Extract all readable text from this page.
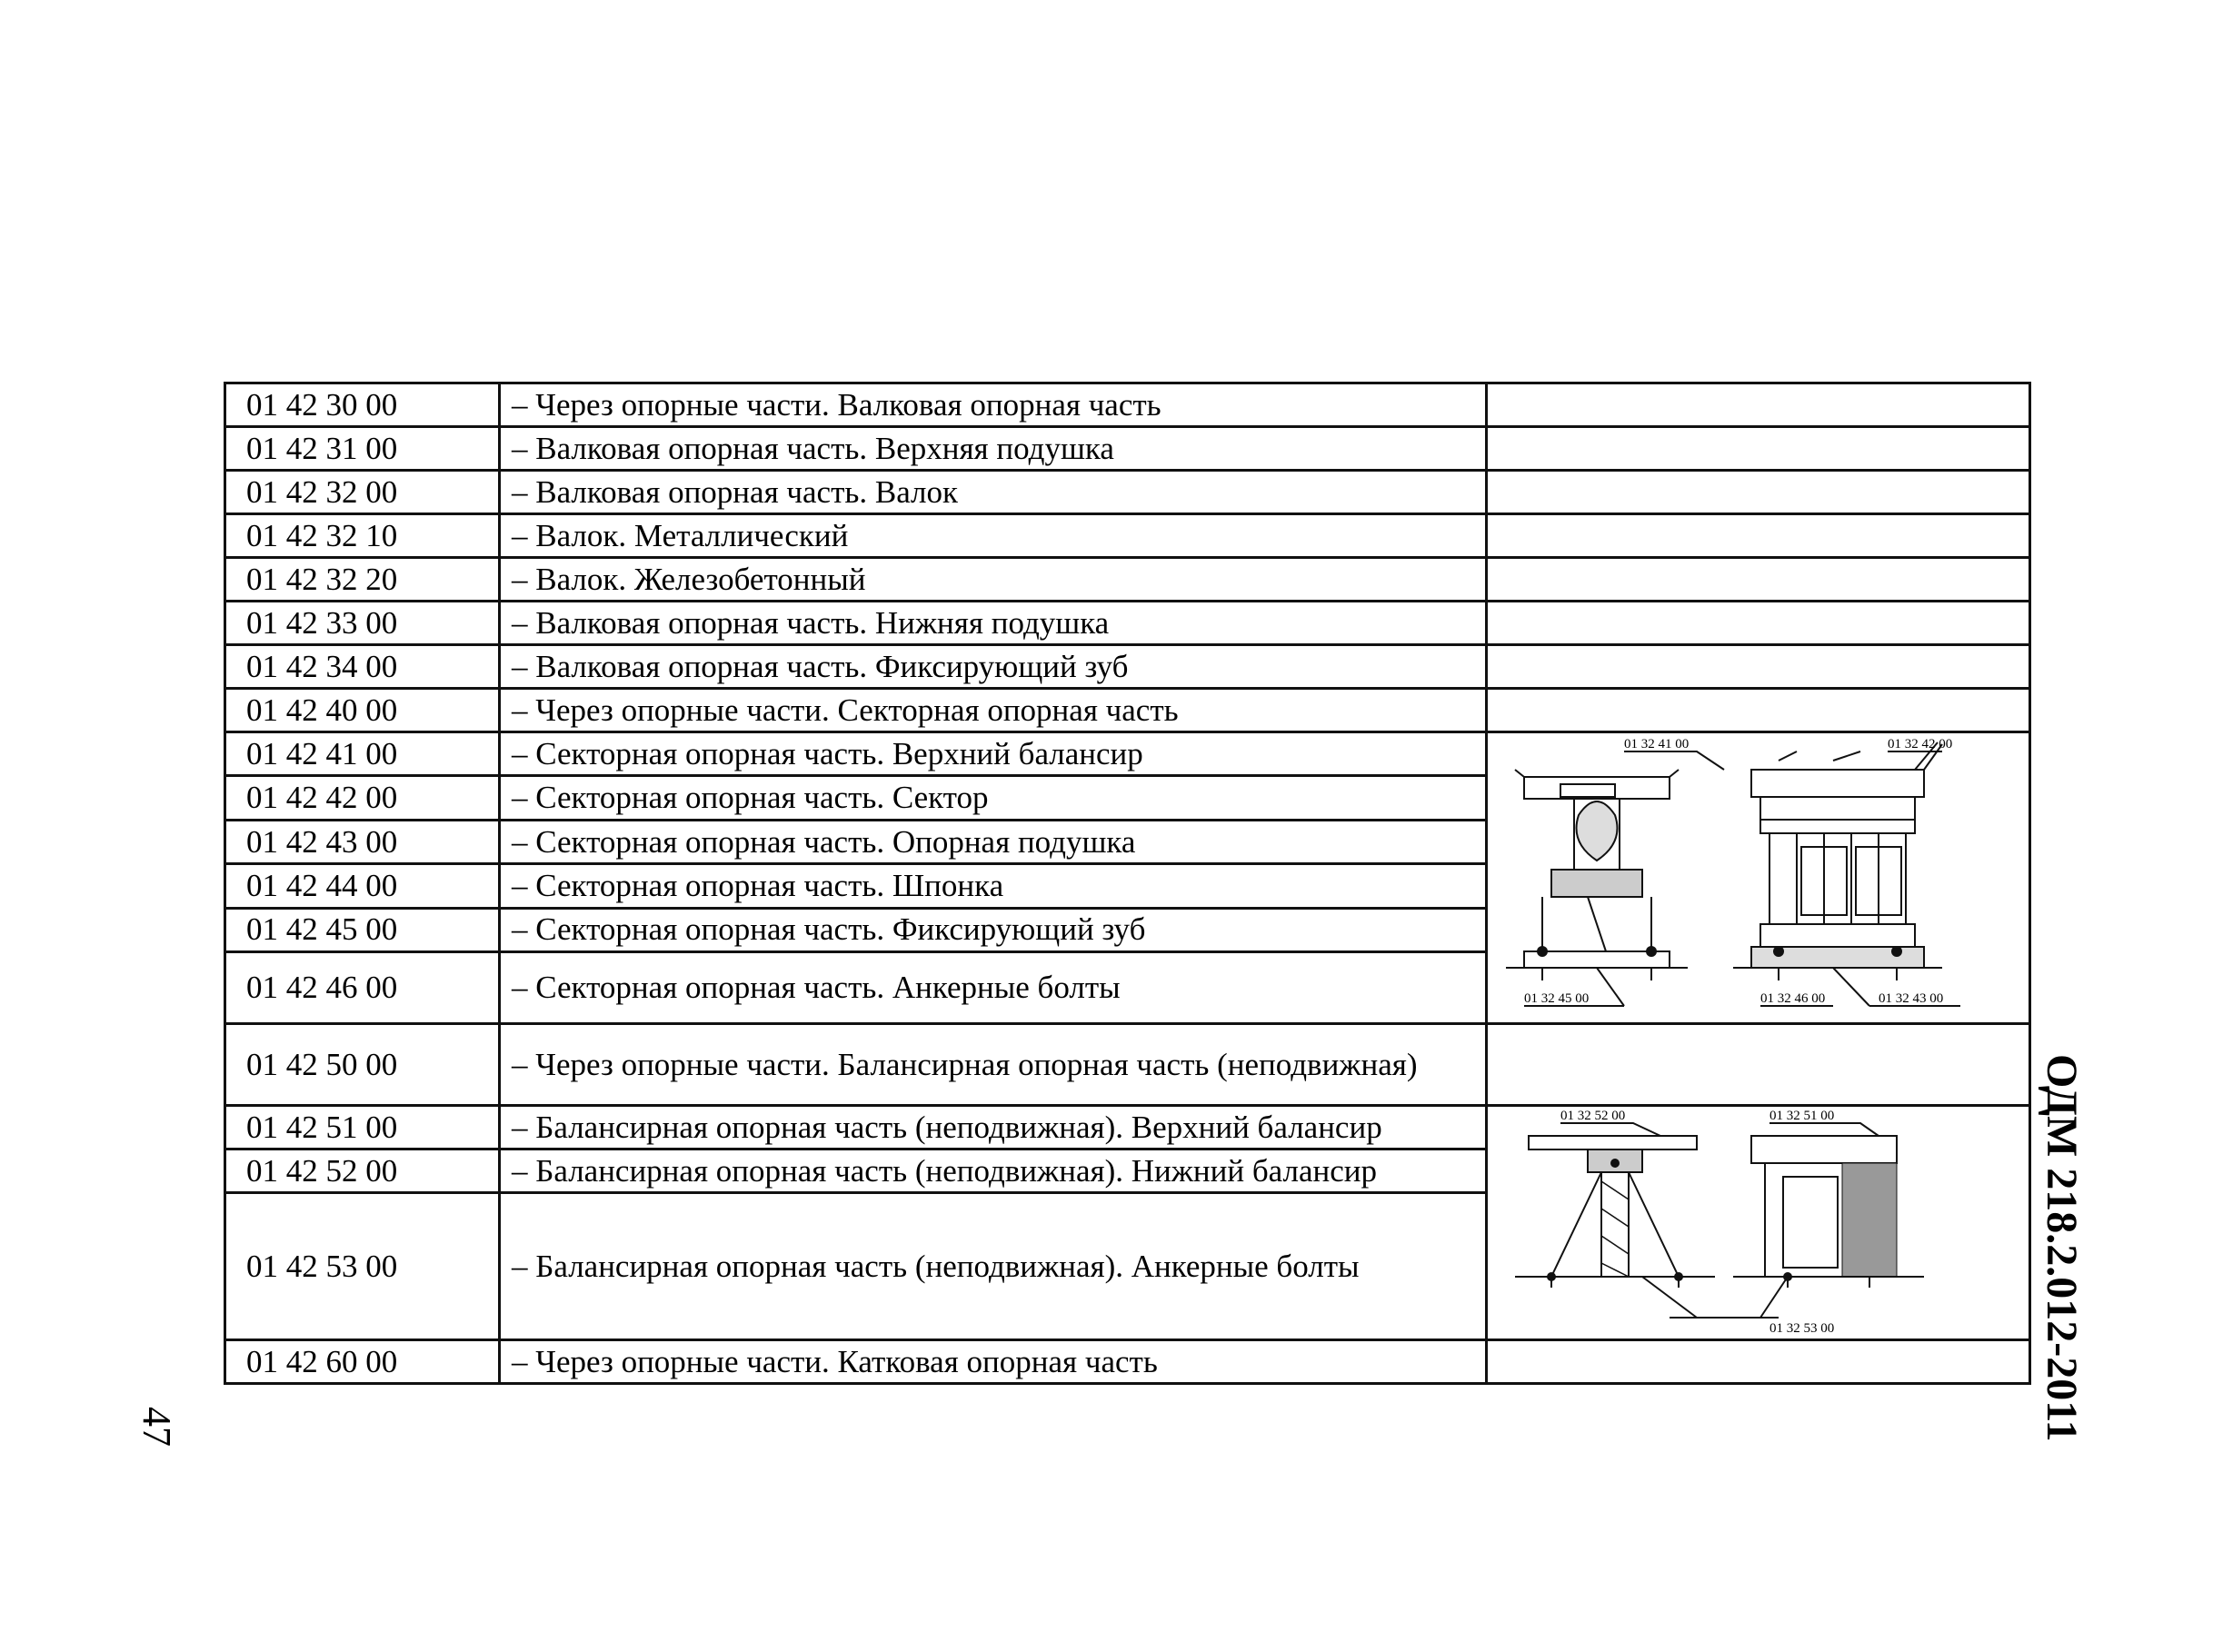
01 42 30 00	– Через опорные части. Валковая опорная часть	
01 42 31 00	– Валковая опорная часть. Верхняя подушка	
01 42 32 00	– Валковая опорная часть. Валок	
01 42 32 10	– Валок. Металлический	
01 42 32 20	– Валок. Железобетонный	
01 42 33 00	– Валковая опорная часть. Нижняя подушка	
01 42 34 00	– Валковая опорная часть. Фиксирующий зуб	
01 42 40 00	– Через опорные части. Секторная опорная часть	
01 42 41 00	– Секторная опорная часть. Верхний балансир	01 32 41 00 01 32 42 00
01 32 45 00 01 32 46 00 01 32 43 00

01 42 42 00	– Секторная опорная часть. Сектор	
01 42 43 00	– Секторная опорная часть. Опорная подушка	
01 42 44 00	– Секторная опорная часть. Шпонка	
01 42 45 00	– Секторная опорная часть. Фиксирующий зуб	
01 42 46 00	– Секторная опорная часть. Анкерные болты	
01 42 50 00	– Через опорные части. Балансирная опорная часть (неподвижная)	
01 42 51 00	– Балансирная опорная часть (неподвижная). Верхний балансир	01 32 52 00 01 32 51 00
01 32 53 00

01 42 52 00	– Балансирная опорная часть (неподвижная). Нижний балансир	
01 42 53 00	– Балансирная опорная часть (неподвижная). Анкерные болты	
01 42 60 00	– Через опорные части. Катковая опорная часть		ОДМ 218.2.012-2011
47
